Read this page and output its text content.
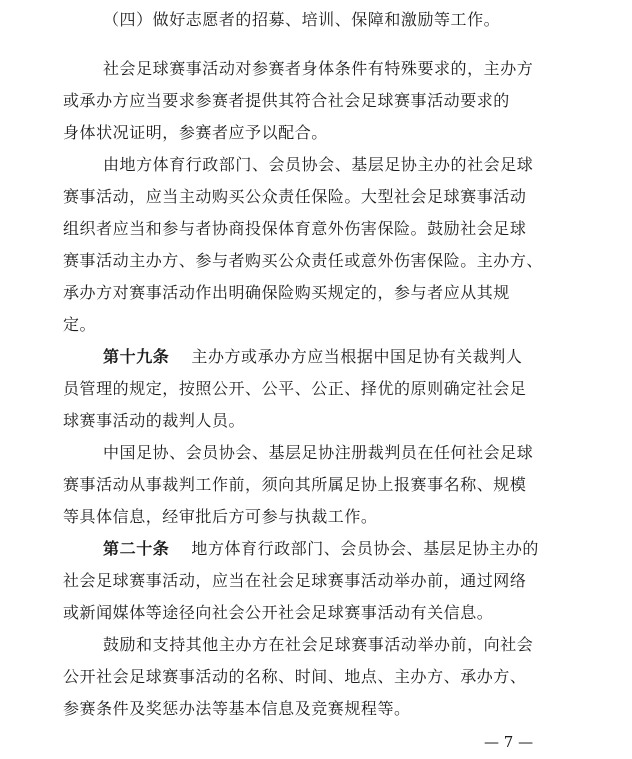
（四）做好志愿者的招募、培训、保障和激励等工作。
社会足球赛事活动对参赛者身体条件有特殊要求的，主办方
或承办方应当要求参赛者提供其符合社会足球赛事活动要求的
身体状况证明，参赛者应予以配合。
由地方体育行政部门、会员协会、基层足协主办的社会足球
赛事活动，应当主动购买公众责任保险。大型社会足球赛事活动
组织者应当和参与者协商投保体育意外伤害保险。鼓励社会足球
赛事活动主办方、参与者购买公众责任或意外伤害保险。主办方、
承办方对赛事活动作出明确保险购买规定的，参与者应从其规
定。
第十九条 主办方或承办方应当根据中国足协有关裁判人
员管理的规定，按照公开、公平、公正、择优的原则确定社会足
球赛事活动的裁判人员。
中国足协、会员协会、基层足协注册裁判员在任何社会足球
赛事活动从事裁判工作前，须向其所属足协上报赛事名称、规模
等具体信息，经审批后方可参与执裁工作。
第二十条 地方体育行政部门、会员协会、基层足协主办的
社会足球赛事活动，应当在社会足球赛事活动举办前，通过网络
或新闻媒体等途径向社会公开社会足球赛事活动有关信息。
鼓励和支持其他主办方在社会足球赛事活动举办前，向社会
公开社会足球赛事活动的名称、时间、地点、主办方、承办方、
参赛条件及奖惩办法等基本信息及竞赛规程等。
— 7 —
